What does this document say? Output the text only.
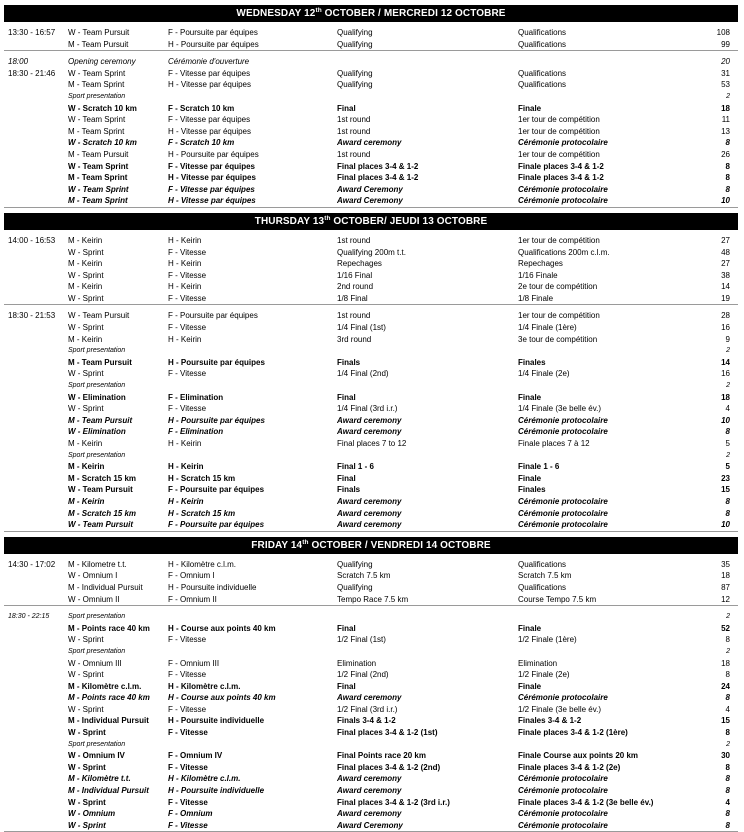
WEDNESDAY 12th OCTOBER / MERCREDI 12 OCTOBRE
13:30 - 16:57	W - Team Pursuit	F - Poursuite par équipes	Qualifying	Qualifications	108
M - Team Pursuit	H - Poursuite par équipes	Qualifying	Qualifications	99
18:00	Opening ceremony	Cérémonie d'ouverture	20
18:30 - 21:46	W - Team Sprint	F - Vitesse par équipes	Qualifying	Qualifications	31
M - Team Sprint	H - Vitesse par équipes	Qualifying	Qualifications	53
Sport presentation	2
W - Scratch 10 km	F - Scratch 10 km	Final	Finale	18
W - Team Sprint	F - Vitesse par équipes	1st round	1er tour de compétition	11
M - Team Sprint	H - Vitesse par équipes	1st round	1er tour de compétition	13
W - Scratch 10 km	F - Scratch 10 km	Award ceremony	Cérémonie protocolaire	8
M - Team Pursuit	H - Poursuite par équipes	1st round	1er tour de compétition	26
W - Team Sprint	F - Vitesse par équipes	Final places 3-4 & 1-2	Finale places 3-4 & 1-2	8
M - Team Sprint	H - Vitesse par équipes	Final places 3-4 & 1-2	Finale places 3-4 & 1-2	8
W - Team Sprint	F - Vitesse par équipes	Award Ceremony	Cérémonie protocolaire	8
M - Team Sprint	H - Vitesse par équipes	Award Ceremony	Cérémonie protocolaire	10
THURSDAY 13th OCTOBER/ JEUDI 13 OCTOBRE
14:00 - 16:53	M - Keirin	H - Keirin	1st round	1er tour de compétition	27
W - Sprint	F - Vitesse	Qualifying 200m t.t.	Qualifications 200m c.l.m.	48
M - Keirin	H - Keirin	Repechages	Repechages	27
W - Sprint	F - Vitesse	1/16 Final	1/16 Finale	38
M - Keirin	H - Keirin	2nd round	2e tour de compétition	14
W - Sprint	F - Vitesse	1/8 Final	1/8 Finale	19
18:30 - 21:53	W - Team Pursuit	F - Poursuite par équipes	1st round	1er tour de compétition	28
W - Sprint	F - Vitesse	1/4 Final (1st)	1/4 Finale (1ère)	16
M - Keirin	H - Keirin	3rd round	3e tour de compétition	9
Sport presentation	2
M - Team Pursuit	H - Poursuite par équipes	Finals	Finales	14
W - Sprint	F - Vitesse	1/4 Final (2nd)	1/4 Finale (2e)	16
Sport presentation	2
W - Elimination	F - Elimination	Final	Finale	18
W - Sprint	F - Vitesse	1/4 Final (3rd i.r.)	1/4 Finale (3e belle év.)	4
M - Team Pursuit	H - Poursuite par équipes	Award ceremony	Cérémonie protocolaire	10
W - Elimination	F - Elimination	Award ceremony	Cérémonie protocolaire	8
M - Keirin	H - Keirin	Final places 7 to 12	Finale places 7 à 12	5
Sport presentation	2
M - Keirin	H - Keirin	Final 1 - 6	Finale 1 - 6	5
M - Scratch 15 km	H - Scratch 15 km	Final	Finale	23
W - Team Pursuit	F - Poursuite par équipes	Finals	Finales	15
M - Keirin	H - Keirin	Award ceremony	Cérémonie protocolaire	8
M - Scratch 15 km	H - Scratch 15 km	Award ceremony	Cérémonie protocolaire	8
W - Team Pursuit	F - Poursuite par équipes	Award ceremony	Cérémonie protocolaire	10
FRIDAY 14th OCTOBER / VENDREDI 14 OCTOBRE
14:30 - 17:02	M - Kilometre t.t.	H - Kilomètre c.l.m.	Qualifying	Qualifications	35
W - Omnium I	F - Omnium I	Scratch 7.5 km	Scratch 7.5 km	18
M - Individual Pursuit	H - Poursuite individuelle	Qualifying	Qualifications	87
W - Omnium II	F - Omnium II	Tempo Race 7.5 km	Course Tempo 7.5 km	12
18:30 - 22:15	Sport presentation	2
M - Points race 40 km	H - Course aux points 40 km	Final	Finale	52
W - Sprint	F - Vitesse	1/2 Final (1st)	1/2 Finale (1ère)	8
Sport presentation	2
W - Omnium III	F - Omnium III	Elimination	Elimination	18
W - Sprint	F - Vitesse	1/2 Final (2nd)	1/2 Finale (2e)	8
M - Kilomètre c.l.m.	H - Kilomètre c.l.m.	Final	Finale	24
M - Points race 40 km	H - Course aux points 40 km	Award ceremony	Cérémonie protocolaire	8
W - Sprint	F - Vitesse	1/2 Final (3rd i.r.)	1/2 Finale (3e belle év.)	4
M - Individual Pursuit	H - Poursuite individuelle	Finals 3-4 & 1-2	Finales 3-4 & 1-2	15
W - Sprint	F - Vitesse	Final places 3-4 & 1-2 (1st)	Finale places 3-4 & 1-2 (1ère)	8
Sport presentation	2
W - Omnium IV	F - Omnium IV	Final Points race 20 km	Finale Course aux points 20 km	30
W - Sprint	F - Vitesse	Final places 3-4 & 1-2 (2nd)	Finale places 3-4 & 1-2 (2e)	8
M - Kilomètre t.t.	H - Kilomètre c.l.m.	Award ceremony	Cérémonie protocolaire	8
M - Individual Pursuit	H - Poursuite individuelle	Award ceremony	Cérémonie protocolaire	8
W - Sprint	F - Vitesse	Final places 3-4 & 1-2 (3rd i.r.)	Finale places 3-4 & 1-2 (3e belle év.)	4
W - Omnium	F - Omnium	Award ceremony	Cérémonie protocolaire	8
W - Sprint	F - Vitesse	Award Ceremony	Cérémonie protocolaire	8
